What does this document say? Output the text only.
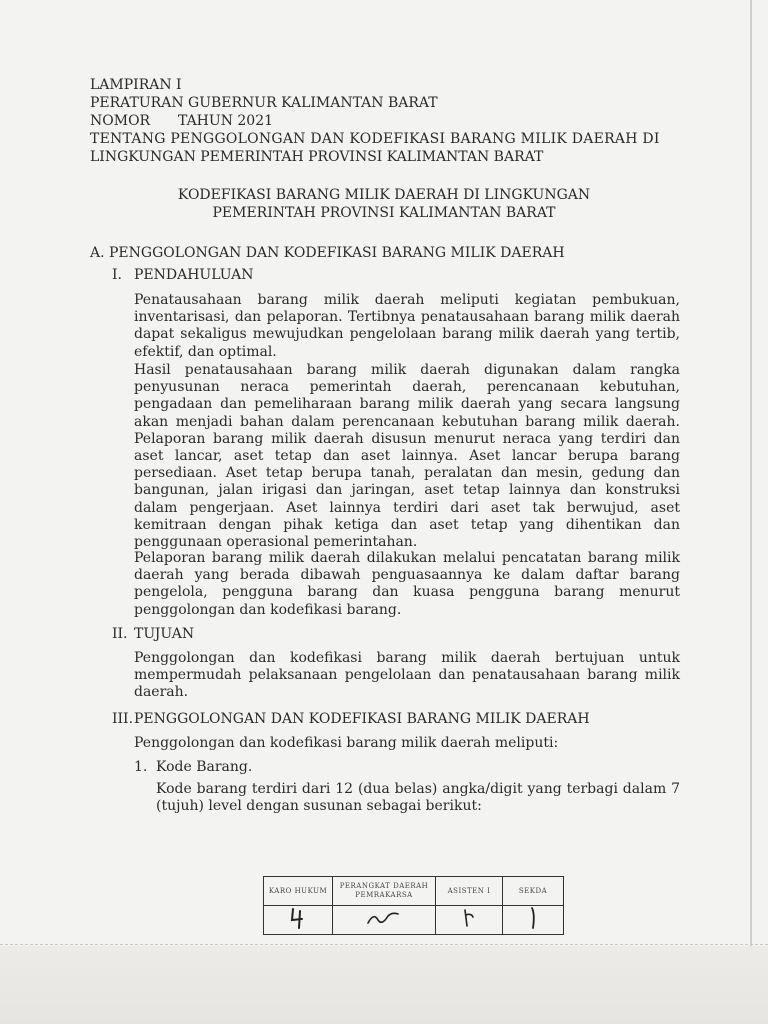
LAMPIRAN I
PERATURAN GUBERNUR KALIMANTAN BARAT
NOMOR TAHUN 2021
TENTANG PENGGOLONGAN DAN KODEFIKASI BARANG MILIK DAERAH DI
LINGKUNGAN PEMERINTAH PROVINSI KALIMANTAN BARAT
KODEFIKASI BARANG MILIK DAERAH DI LINGKUNGAN
PEMERINTAH PROVINSI KALIMANTAN BARAT
A. PENGGOLONGAN DAN KODEFIKASI BARANG MILIK DAERAH
I. PENDAHULUAN

Penatausahaan barang milik daerah meliputi kegiatan pembukuan, inventarisasi, dan pelaporan. Tertibnya penatausahaan barang milik daerah dapat sekaligus mewujudkan pengelolaan barang milik daerah yang tertib, efektif, dan optimal.

Hasil penatausahaan barang milik daerah digunakan dalam rangka penyusunan neraca pemerintah daerah, perencanaan kebutuhan, pengadaan dan pemeliharaan barang milik daerah yang secara langsung akan menjadi bahan dalam perencanaan kebutuhan barang milik daerah. Pelaporan barang milik daerah disusun menurut neraca yang terdiri dan aset lancar, aset tetap dan aset lainnya. Aset lancar berupa barang persediaan. Aset tetap berupa tanah, peralatan dan mesin, gedung dan bangunan, jalan irigasi dan jaringan, aset tetap lainnya dan konstruksi dalam pengerjaan. Aset lainnya terdiri dari aset tak berwujud, aset kemitraan dengan pihak ketiga dan aset tetap yang dihentikan dan penggunaan operasional pemerintahan.

Pelaporan barang milik daerah dilakukan melalui pencatatan barang milik daerah yang berada dibawah penguasaannya ke dalam daftar barang pengelola, pengguna barang dan kuasa pengguna barang menurut penggolongan dan kodefikasi barang.

II. TUJUAN

Penggolongan dan kodefikasi barang milik daerah bertujuan untuk mempermudah pelaksanaan pengelolaan dan penatausahaan barang milik daerah.

III.PENGGOLONGAN DAN KODEFIKASI BARANG MILIK DAERAH
Penggolongan dan kodefikasi barang milik daerah meliputi:
1. Kode Barang.

Kode barang terdiri dari 12 (dua belas) angka/digit yang terbagi dalam 7 (tujuh) level dengan susunan sebagai berikut:

KARO HUKUM	PERANGKAT DAERAH PEMRAKARSA	ASISTEN I	SEKDA
